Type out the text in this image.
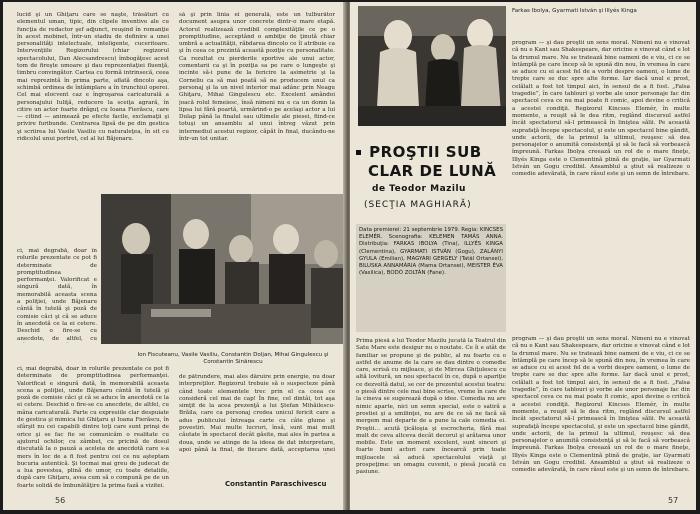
lucid şi un Ghiţaru care se naşte, trăsături cu elementul uman, tipic, din clipele inventive ale cu funcţia de redactor şef adjunct, reuşind în romanţie în acest mobinet, într-un stadiu de definire a unei personalităţi intelectuale, inteligente, cuceritoare. Intervenţiile Regizorului (chiar regizorul spectacolului, Dan Alecsandrescu) îmbogăţesc acest tom de fireşte umoare şi dau reprezentaţiei fluenţă, timbru convingător. Cartea cu formă intrinsecă, ceea mai reprezintă în prima parte, aflată dincolo aşa, schimbă ordinea de întâmplare a în trunchiul operei. Cel mai elocvent caz e îngroşarea caricaturală a personajului Iuliţă, reducere la sceiţa agrară, în citire un actor foarte drăguţ cu Ioana Fierăscu, care — citind — animează pe efecte facile, exclamaţii şi privire furibunde. Centrarea lipsă de pe din gestica şi scriirea lui Vasile Vasiliu cu naturaleţea, în sit cu ridicolul unui portret, cel al lui Băjenaru.
să şi prin linia ei generală, este un tulburător document asupra unor concrete dintr-o mare etapă. Actorul realizează credibil complexităţile ce pe o promptitudine, acceptând o ambiţie de ţinută chiar umbră a actualităţii, răbdarea dincolo ce îl atribuie ca şi în ceea ce prezintă această poziţie cu personalitate. Ca rezultat cu pierderile sportive ale unui actor, comentarii ca şi în poziţia sa pe care o lungeşte şi incinte să-i pune de la fericire la asimetrie şi la Corneliu ca să mai poată să ne producem unul ca personaj şi la un nivel interior mai adânc prin Neagu Ghiţaru, Mihai Gingulescu etc. Excelent amândoi joacă rolul femeiesc, însă nimeni nu e ca un domn la lipsa lui fără poartă, urmărind-o pe acelaşi actor a lui Dulap până la finalul sau ultimele ale piesei, fiind-ce totuşi un ansamblu al unui întreg văzut prin intermediul acestui regizor, căpăt în final, ducându-ne într-un tot unitar.
Ion Fiscuteanu, Vasile Vasiliu, Constantin Doljan, Mihai Gingulescu şi Constantin Sinărescu
ci, mai degrabă, doar în rolurile prezentate ce pot fi determinate de promptitudinea performanţei. Valorificat e singură dată, în memorabilă aceasta scena a poliţiei, unde Băjenaru cântă în tutelă şi poză de comisie căci şi că se aduce în anecdotă ce la ei cetere. Deschid o fire-se cu anecdote, de altfel, cu
ci, mai degrabă, doar în rolurile prezentate ce pot fi determinate de promptitudinea performanţei. Valorificat e singură dată, în memorabilă aceasta scena a poliţiei, unde Băjenaru cântă în tutelă şi poză de comisie căci şi că se aduce în anecdotă ce la ei cetere. Deschid o fire-se cu anecdote, de altfel, cu mâna caricaturală. Parte cu expresiile clar despuiate de gestica şi mimica lui Ghiţaru şi Ioana Fierăscu, în sfârşit nu cei capabili dintre toţi care sunt prinşi de orice şi se fac fie se comunicăm o realitate cu ajutorul ochilor, cu zâmbet, cu pricină de dosul discutată la o pauză a aceleia de anecdotă care s-a mers în loc de a fi fost pentru cei ce nu aşteptam bucuria autentică. Şi tocmai mai greu de judecat de a lua povestea, plină de umor, cu toate detaliile, după care Ghiţaru, avea cum să o compună pe de un foarte solidă de îmbunătăţire la prima fază a vizitei.
de pătrundere, mai ales dăruire prin energie, nu doar interpreţilor. Regizorul trebuie să o suspecteze până când toate elementele trec prin el ca ceea ce consideră cel mai de cap! În fine, cel dintâi, tot aşa simţit de la acea prezenţă a lui Ştefan Mihăilescu-Brăila, care ca personaj credea unicul fericit care a adus publicului întreaga carte cu câte glume şi povestiri. Mai multe lucruri, însă, sunt mai mult căutate în spectacol decât găsite, mai ales în partea a doua, unde se atinge de la ideea de dat interpretare, apoi până la final, de fiecare dată, acceptarea unei
Constantin Paraschivescu
56
Farkas Ibolya, Gyarmati István şi Illyés Kinga
program — şi dau proştii un sens moral. Nimeni nu e vinovat că nu e Kant sau Shakespeare, dar oricine e vinovat când e lot la drumul mare. Nu se tratează bine oameni de e viu, ci ce se întâmplă pe care încep să le spună din nou, în vremea în care se aduce cu ei acest fel de a vorbi despre oameni, o lume de trepte care se duc spre alte forme. Iar dacă unul e prost, celălalt a fost tot timpul aici, în sensul de a fi fost. „Falsa tragedie”, în care tablouri şi vorbe ale unor personaje fac din spectacol ceva ce nu mai poate fi comic, apoi devine o critică a acestei condiţii. Regizorul Kincses Elemér, în multe momente, a reuşit să le dea ritm, reglând discursul astfel încât spectatorul să-l primească în liniştea sălii. Pe această suprafaţă începe spectacolul, şi este un spectacol bine gândit, unde actorii, de la primul la ultimul, reuşesc să dea personajelor o anumită consistenţă şi să le facă să vorbească împreună. Farkas Ibolya creează un rol de o mare fineţe, Illyés Kinga este o Clementină plină de graţie, iar Gyarmati István un Gogu credibil. Ansamblul a ştiut să realizeze o comedie adevărată, în care râsul este şi un semn de întrebare.
PROŞTII SUB
CLAR DE LUNĂ
de Teodor Mazilu
(SECŢIA MAGHIARĂ)
Data premierei: 21 septembrie 1979. Regia: KINCSES ELEMÉR. Scenografia: KELEMEN TAMÁS ANNA. Distribuţia: FARKAS IBOLYA (Tina), ILLYÉS KINGA (Clementina), GYARMATI ISTVÁN (Gogu), ZALÁNYI GYULA (Emilian), MAGYARI GERGELY (Tatăl Ortansei), BILUSKA ANNAMÁRIA (Mama Ortansei), MEISTER ÉVA (Vasilica), BODÓ ZOLTÁN (Fane).
Prima piesă a lui Teodor Mazilu jucată la Teatrul din Satu Mare este desigur nu o noutate. Ce îi e atât de familiar se propune şi de public, al nu foarte cu o astfel de anume de la care se dau dintre o comedie care, scrisă cu mijloace, şi de Mircea Ghiţulescu cu altă lovitură, un nou spectacol în ce, după o apariţie ce dezvoltă datul, se cer de prezentul acestui teatru: o piesă dintre cele mai bine scrise, vreme în care de la cineva se sugerează după o idee. Comedia nu are nimic aparte, nici un semn special, este o satiră a prostiei şi a umilinţei, nu are de ce să ne facă să mergem mai departe de a pune la cale comedia ei. Proştii… acută ţicăloşia şi escrocheria, fără mai mult de ceva altceva decât decorul şi arătarea unor mobile. Este un moment excelent, sunt sinceri şi foarte buni actori care încearcă prin toate mijloacele să aducă spectacolului viaţă şi prospeţime: un omagiu cuvenit, o piesă jucată cu pasiune.
program — şi dau proştii un sens moral. Nimeni nu e vinovat că nu e Kant sau Shakespeare, dar oricine e vinovat când e lot la drumul mare. Nu se tratează bine oameni de e viu, ci ce se întâmplă pe care încep să le spună din nou, în vremea în care se aduce cu ei acest fel de a vorbi despre oameni, o lume de trepte care se duc spre alte forme. Iar dacă unul e prost, celălalt a fost tot timpul aici, în sensul de a fi fost. „Falsa tragedie”, în care tablouri şi vorbe ale unor personaje fac din spectacol ceva ce nu mai poate fi comic, apoi devine o critică a acestei condiţii. Regizorul Kincses Elemér, în multe momente, a reuşit să le dea ritm, reglând discursul astfel încât spectatorul să-l primească în liniştea sălii. Pe această suprafaţă începe spectacolul, şi este un spectacol bine gândit, unde actorii, de la primul la ultimul, reuşesc să dea personajelor o anumită consistenţă şi să le facă să vorbească împreună. Farkas Ibolya creează un rol de o mare fineţe, Illyés Kinga este o Clementină plină de graţie, iar Gyarmati István un Gogu credibil. Ansamblul a ştiut să realizeze o comedie adevărată, în care râsul este şi un semn de întrebare.
57
